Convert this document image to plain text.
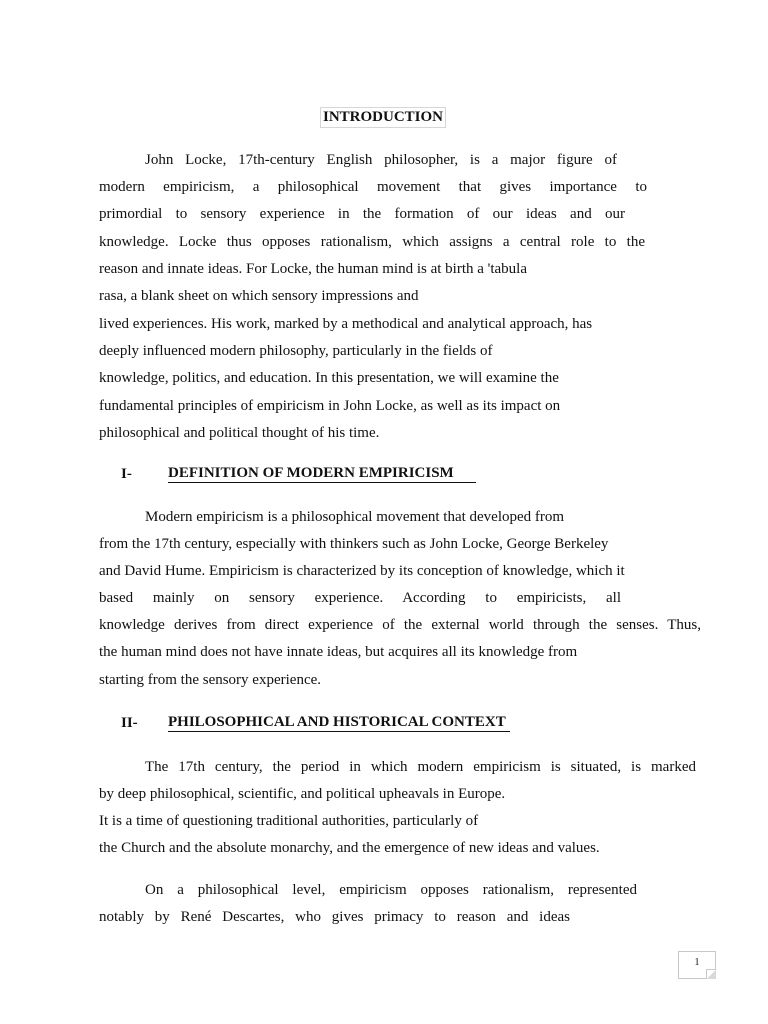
INTRODUCTION
John Locke, 17th-century English philosopher, is a major figure of
modern empiricism, a philosophical movement that gives importance to
primordial to sensory experience in the formation of our ideas and our
knowledge. Locke thus opposes rationalism, which assigns a central role to the
reason and innate ideas. For Locke, the human mind is at birth a 'tabula
rasa, a blank sheet on which sensory impressions and
lived experiences. His work, marked by a methodical and analytical approach, has
deeply influenced modern philosophy, particularly in the fields of
knowledge, politics, and education. In this presentation, we will examine the
fundamental principles of empiricism in John Locke, as well as its impact on
philosophical and political thought of his time.
I- DEFINITION OF MODERN EMPIRICISM
Modern empiricism is a philosophical movement that developed from
from the 17th century, especially with thinkers such as John Locke, George Berkeley
and David Hume. Empiricism is characterized by its conception of knowledge, which it
based mainly on sensory experience. According to empiricists, all
knowledge derives from direct experience of the external world through the senses. Thus,
the human mind does not have innate ideas, but acquires all its knowledge from
starting from the sensory experience.
II- PHILOSOPHICAL AND HISTORICAL CONTEXT
The 17th century, the period in which modern empiricism is situated, is marked
by deep philosophical, scientific, and political upheavals in Europe.
It is a time of questioning traditional authorities, particularly of
the Church and the absolute monarchy, and the emergence of new ideas and values.
On a philosophical level, empiricism opposes rationalism, represented
notably by René Descartes, who gives primacy to reason and ideas
1
